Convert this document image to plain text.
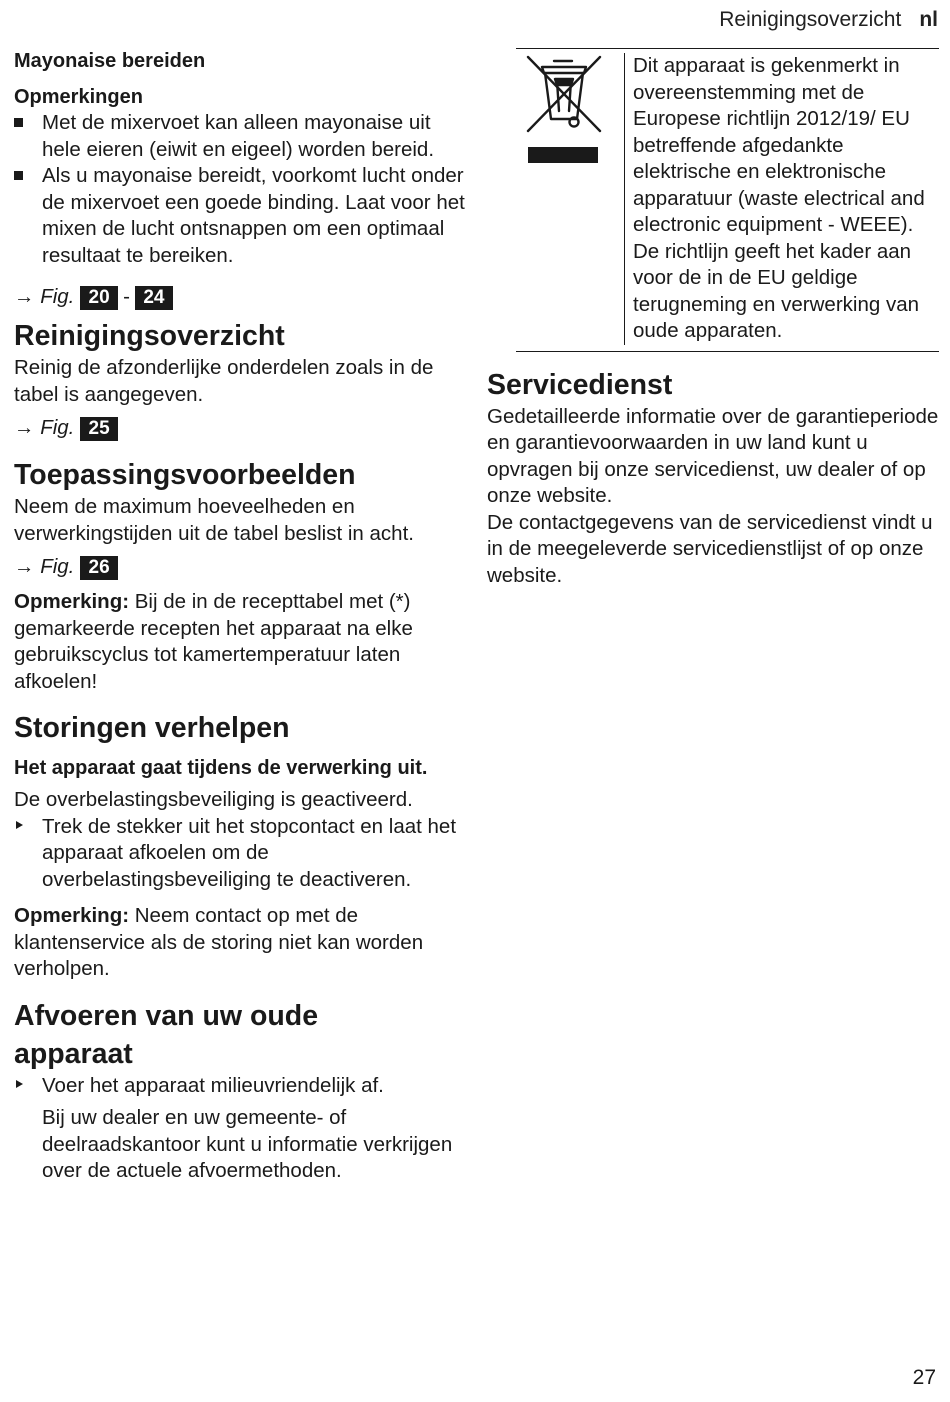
Reinigingsoverzicht nl
Mayonaise bereiden
Opmerkingen
Met de mixervoet kan alleen mayonaise uit hele eieren (eiwit en eigeel) worden bereid.
Als u mayonaise bereidt, voorkomt lucht onder de mixervoet een goede binding. Laat voor het mixen de lucht ontsnappen om een optimaal resultaat te bereiken.
→ Fig. 20 - 24
Reinigingsoverzicht

Reinig de afzonderlijke onderdelen zoals in de tabel is aangegeven.

→ Fig. 25
Toepassingsvoorbeelden

Neem de maximum hoeveelheden en verwerkingstijden uit de tabel beslist in acht.

→ Fig. 26

Opmerking: Bij de in de recepttabel met (*) gemarkeerde recepten het apparaat na elke gebruikscyclus tot kamertemperatuur laten afkoelen!

Storingen verhelpen
Het apparaat gaat tijdens de verwerking uit.

De overbelastingsbeveiliging is geactiveerd.

Trek de stekker uit het stopcontact en laat het apparaat afkoelen om de overbelastingsbeveiliging te deactiveren.

Opmerking: Neem contact op met de klantenservice als de storing niet kan worden verholpen.

Afvoeren van uw oude apparaat
Voer het apparaat milieuvriendelijk af.

Bij uw dealer en uw gemeente- of deelraadskantoor kunt u informatie verkrijgen over de actuele afvoermethoden.

Dit apparaat is gekenmerkt in overeenstemming met de Europese richtlijn 2012/19/ EU betreffende afgedankte elektrische en elektronische apparatuur (waste electrical and electronic equipment - WEEE).
De richtlijn geeft het kader aan voor de in de EU geldige terugneming en verwerking van oude apparaten.
Servicedienst

Gedetailleerde informatie over de garantieperiode en garantievoorwaarden in uw land kunt u opvragen bij onze servicedienst, uw dealer of op onze website.

De contactgegevens van de servicedienst vindt u in de meegeleverde servicedienstlijst of op onze website.

27
